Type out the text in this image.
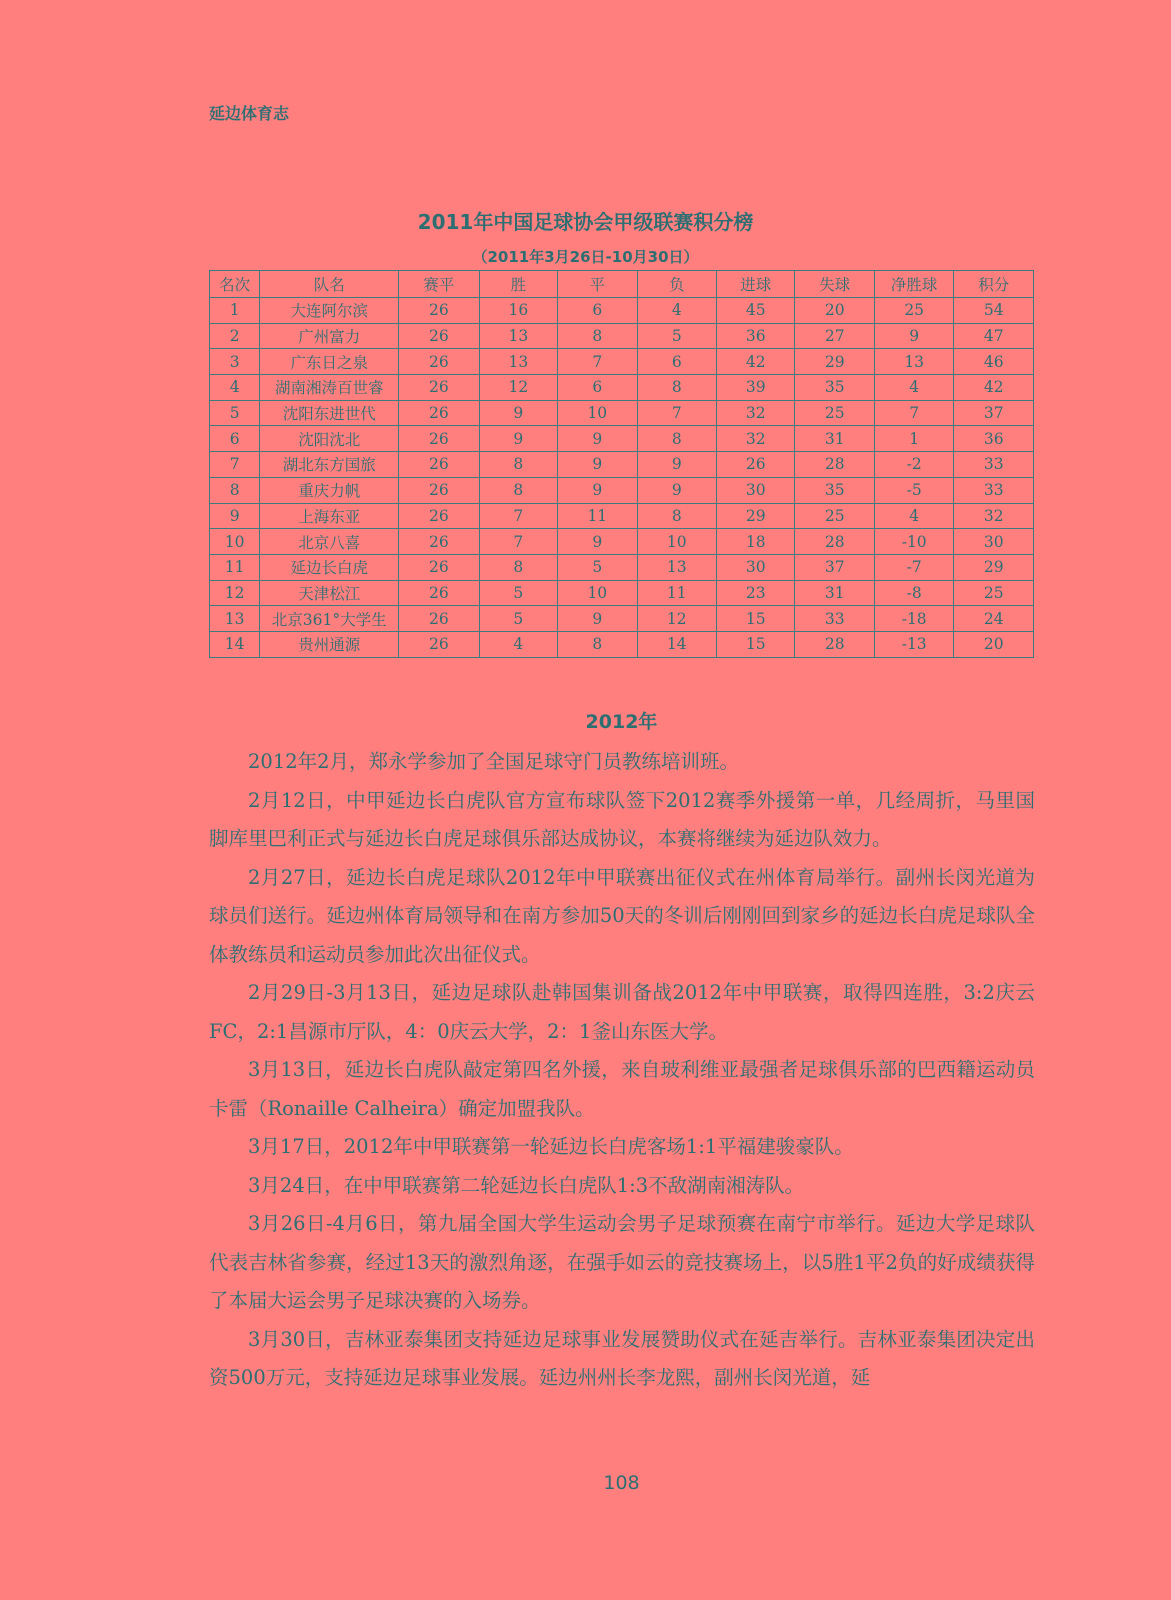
延边体育志
2011年中国足球协会甲级联赛积分榜
（2011年3月26日-10月30日）
名次	队名	赛平	胜	平	负	进球	失球	净胜球	积分
1	大连阿尔滨	26	16	6	4	45	20	25	54
2	广州富力	26	13	8	5	36	27	9	47
3	广东日之泉	26	13	7	6	42	29	13	46
4	湖南湘涛百世睿	26	12	6	8	39	35	4	42
5	沈阳东进世代	26	9	10	7	32	25	7	37
6	沈阳沈北	26	9	9	8	32	31	1	36
7	湖北东方国旅	26	8	9	9	26	28	-2	33
8	重庆力帆	26	8	9	9	30	35	-5	33
9	上海东亚	26	7	11	8	29	25	4	32
10	北京八喜	26	7	9	10	18	28	-10	30
11	延边长白虎	26	8	5	13	30	37	-7	29
12	天津松江	26	5	10	11	23	31	-8	25
13	北京361°大学生	26	5	9	12	15	33	-18	24
14	贵州通源	26	4	8	14	15	28	-13	20
2012年

2012年2月，郑永学参加了全国足球守门员教练培训班。

2月12日，中甲延边长白虎队官方宣布球队签下2012赛季外援第一单，几经周折，马里国脚库里巴利正式与延边长白虎足球俱乐部达成协议，本赛将继续为延边队效力。

2月27日，延边长白虎足球队2012年中甲联赛出征仪式在州体育局举行。副州长闵光道为球员们送行。延边州体育局领导和在南方参加50天的冬训后刚刚回到家乡的延边长白虎足球队全体教练员和运动员参加此次出征仪式。

2月29日-3月13日，延边足球队赴韩国集训备战2012年中甲联赛，取得四连胜，3:2庆云FC，2:1昌源市厅队，4：0庆云大学，2：1釜山东医大学。

3月13日，延边长白虎队敲定第四名外援，来自玻利维亚最强者足球俱乐部的巴西籍运动员卡雷（Ronaille Calheira）确定加盟我队。

3月17日，2012年中甲联赛第一轮延边长白虎客场1:1平福建骏豪队。

3月24日，在中甲联赛第二轮延边长白虎队1:3不敌湖南湘涛队。

3月26日-4月6日，第九届全国大学生运动会男子足球预赛在南宁市举行。延边大学足球队代表吉林省参赛，经过13天的激烈角逐，在强手如云的竞技赛场上，以5胜1平2负的好成绩获得了本届大运会男子足球决赛的入场券。

3月30日，吉林亚泰集团支持延边足球事业发展赞助仪式在延吉举行。吉林亚泰集团决定出资500万元，支持延边足球事业发展。延边州州长李龙熙，副州长闵光道，延

108
